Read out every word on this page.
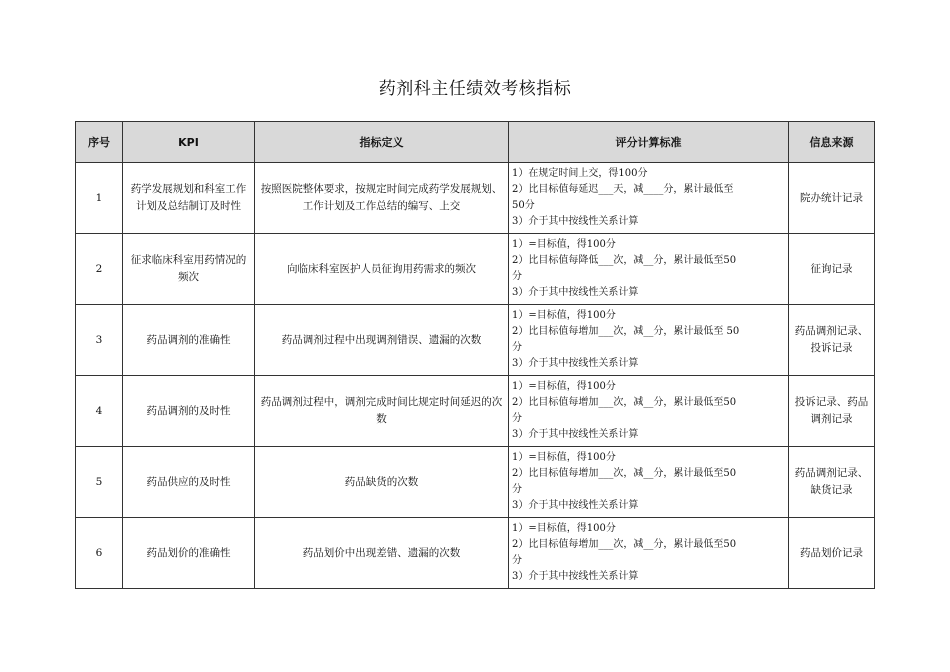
药剂科主任绩效考核指标
序号	KPI	指标定义	评分计算标准	信息来源
1	药学发展规划和科室工作计划及总结制订及时性	按照医院整体要求，按规定时间完成药学发展规划、工作计划及工作总结的编写、上交	1）在规定时间上交，得100分
2）比目标值每延迟___天，减____分，累计最低至
50分
3）介于其中按线性关系计算	院办统计记录
2	征求临床科室用药情况的频次	向临床科室医护人员征询用药需求的频次	1）=目标值，得100分
2）比目标值每降低___次，减__分，累计最低至50
分
3）介于其中按线性关系计算	征询记录
3	药品调剂的准确性	药品调剂过程中出现调剂错误、遗漏的次数	1）=目标值，得100分
2）比目标值每增加___次，减__分，累计最低至 50
分
3）介于其中按线性关系计算	药品调剂记录、投诉记录
4	药品调剂的及时性	药品调剂过程中，调剂完成时间比规定时间延迟的次数	1）=目标值，得100分
2）比目标值每增加___次，减__分，累计最低至50
分
3）介于其中按线性关系计算	投诉记录、药品调剂记录
5	药品供应的及时性	药品缺货的次数	1）=目标值，得100分
2）比目标值每增加___次，减__分，累计最低至50
分
3）介于其中按线性关系计算	药品调剂记录、缺货记录
6	药品划价的准确性	药品划价中出现差错、遗漏的次数	1）=目标值，得100分
2）比目标值每增加___次，减__分，累计最低至50
分
3）介于其中按线性关系计算	药品划价记录
